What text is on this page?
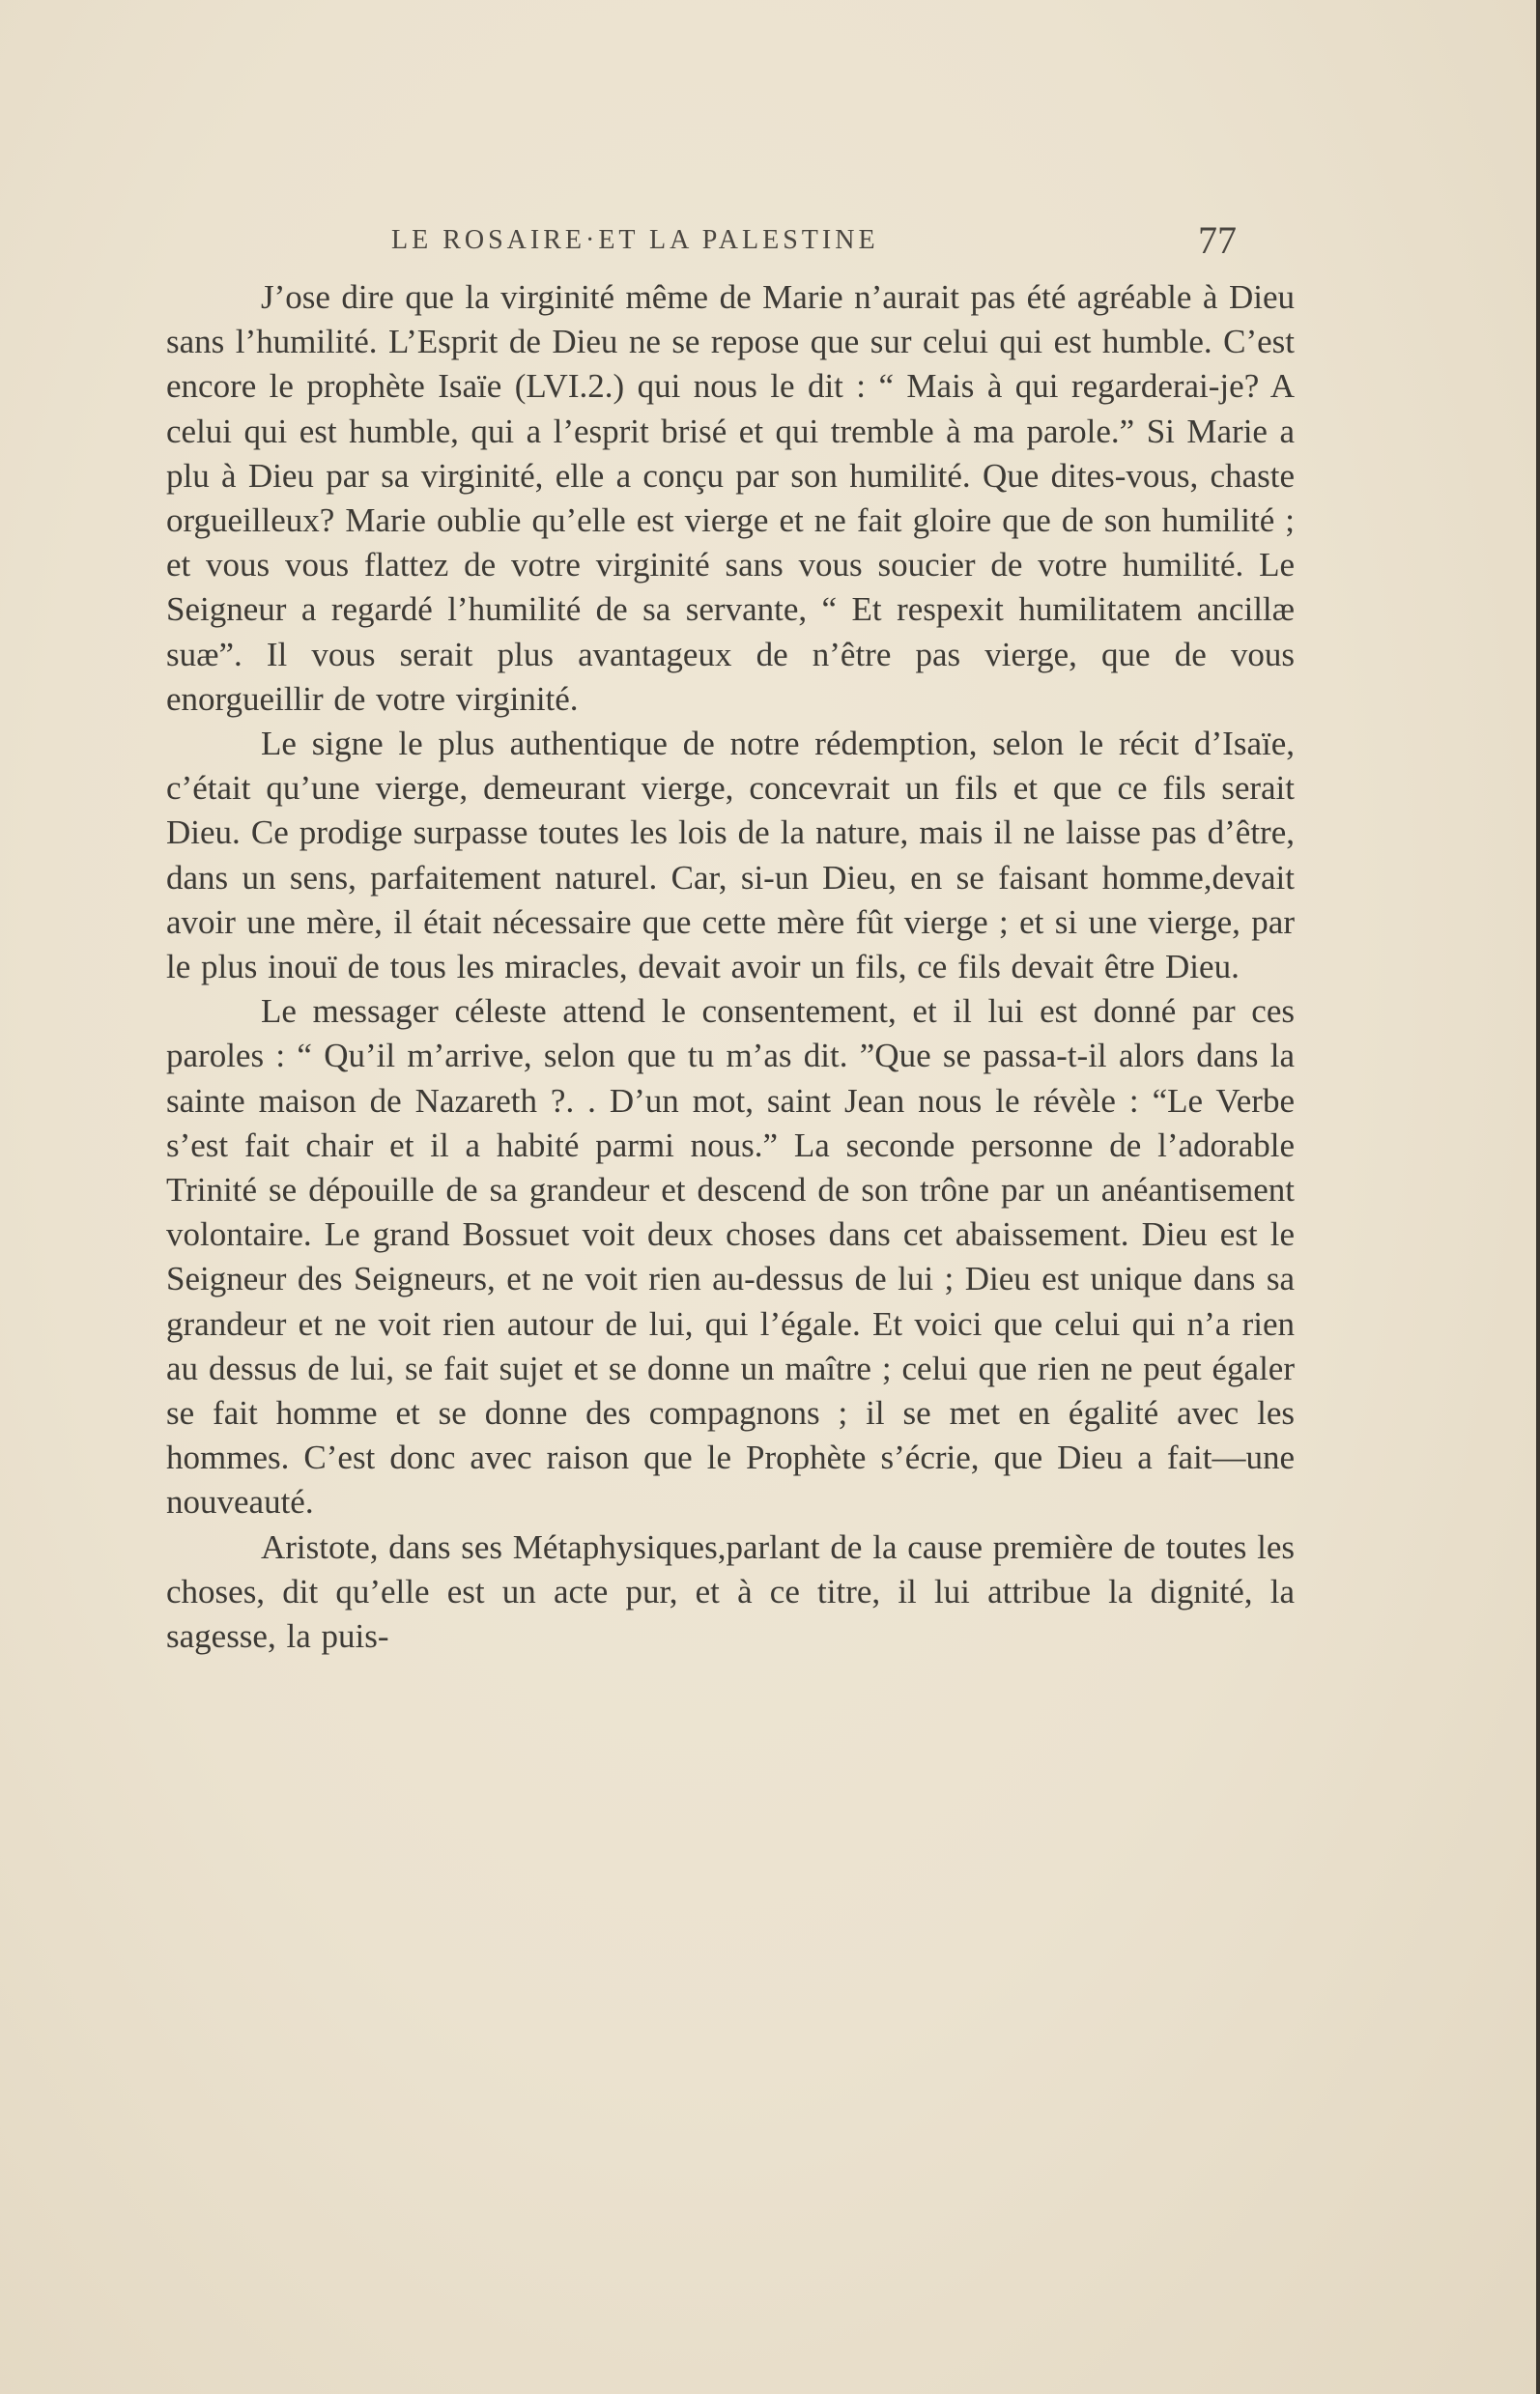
LE ROSAIRE·ET LA PALESTINE	77

J’ose dire que la virginité même de Marie n’aurait pas été agréable à Dieu sans l’humilité. L’Esprit de Dieu ne se repose que sur celui qui est humble. C’est encore le prophète Isaïe (LVI.2.) qui nous le dit : “ Mais à qui regarderai-je? A celui qui est humble, qui a l’esprit brisé et qui tremble à ma parole.” Si Marie a plu à Dieu par sa virginité, elle a conçu par son humilité. Que dites-vous, chaste orgueilleux? Marie oublie qu’elle est vierge et ne fait gloire que de son humilité ; et vous vous flattez de votre virginité sans vous soucier de votre humilité. Le Seigneur a regardé l’humilité de sa servante, “ Et respexit humilitatem ancillæ suæ”. Il vous serait plus avantageux de n’être pas vierge, que de vous enorgueillir de votre virginité.

Le signe le plus authentique de notre rédemption, selon le récit d’Isaïe, c’était qu’une vierge, demeurant vierge, concevrait un fils et que ce fils serait Dieu. Ce prodige surpasse toutes les lois de la nature, mais il ne laisse pas d’être, dans un sens, parfaitement naturel. Car, si-un Dieu, en se faisant homme,devait avoir une mère, il était nécessaire que cette mère fût vierge ; et si une vierge, par le plus inouï de tous les miracles, devait avoir un fils, ce fils devait être Dieu.

Le messager céleste attend le consentement, et il lui est donné par ces paroles : “ Qu’il m’arrive, selon que tu m’as dit. ”Que se passa-t-il alors dans la sainte maison de Nazareth ?. . D’un mot, saint Jean nous le révèle : “Le Verbe s’est fait chair et il a habité parmi nous.” La seconde personne de l’adorable Trinité se dépouille de sa grandeur et descend de son trône par un anéantisement volontaire. Le grand Bossuet voit deux choses dans cet abaissement. Dieu est le Seigneur des Seigneurs, et ne voit rien au-dessus de lui ; Dieu est unique dans sa grandeur et ne voit rien autour de lui, qui l’égale. Et voici que celui qui n’a rien au dessus de lui, se fait sujet et se donne un maître ; celui que rien ne peut égaler se fait homme et se donne des compagnons ; il se met en égalité avec les hommes. C’est donc avec raison que le Prophète s’écrie, que Dieu a fait—une nouveauté.

Aristote, dans ses Métaphysiques,parlant de la cause première de toutes les choses, dit qu’elle est un acte pur, et à ce titre, il lui attribue la dignité, la sagesse, la puis-
